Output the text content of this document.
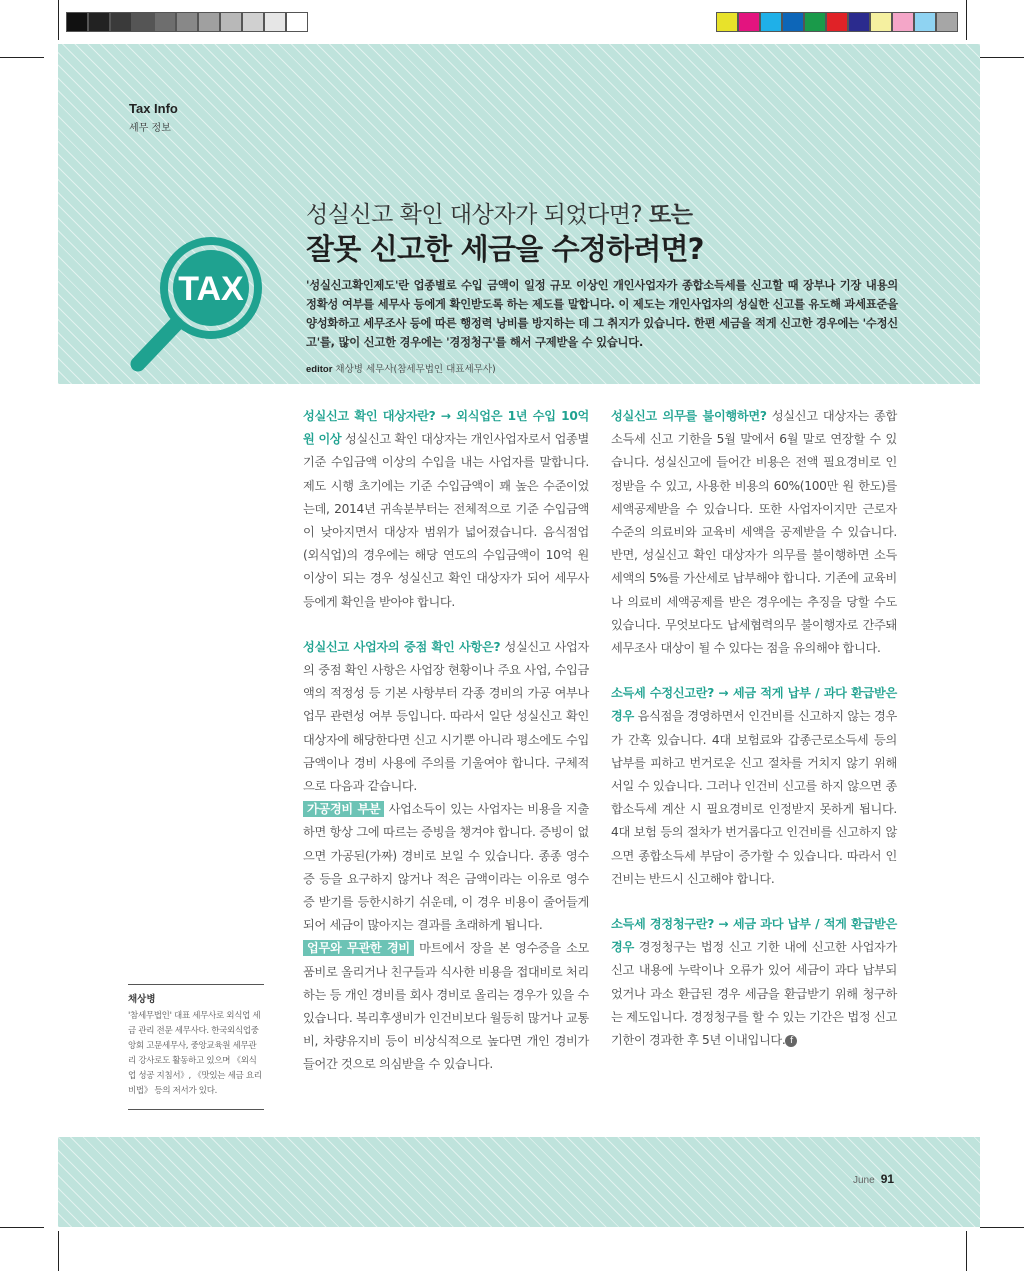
Tax Info
세무 정보
TAX
성실신고 확인 대상자가 되었다면? 또는
잘못 신고한 세금을 수정하려면?
'성실신고확인제도'란 업종별로 수입 금액이 일정 규모 이상인 개인사업자가 종합소득세를 신고할 때 장부나 기장 내용의 정확성 여부를 세무사 등에게 확인받도록 하는 제도를 말합니다. 이 제도는 개인사업자의 성실한 신고를 유도해 과세표준을 양성화하고 세무조사 등에 따른 행정력 낭비를 방지하는 데 그 취지가 있습니다. 한편 세금을 적게 신고한 경우에는 '수정신고'를, 많이 신고한 경우에는 '경정청구'를 해서 구제받을 수 있습니다.
editor 채상병 세무사(참세무법인 대표세무사)

성실신고 확인 대상자란? → 외식업은 1년 수입 10억 원 이상 성실신고 확인 대상자는 개인사업자로서 업종별 기준 수입금액 이상의 수입을 내는 사업자를 말합니다. 제도 시행 초기에는 기준 수입금액이 꽤 높은 수준이었는데, 2014년 귀속분부터는 전체적으로 기준 수입금액이 낮아지면서 대상자 범위가 넓어졌습니다. 음식점업(외식업)의 경우에는 해당 연도의 수입금액이 10억 원 이상이 되는 경우 성실신고 확인 대상자가 되어 세무사 등에게 확인을 받아야 합니다.

성실신고 사업자의 중점 확인 사항은? 성실신고 사업자의 중점 확인 사항은 사업장 현황이나 주요 사업, 수입금액의 적정성 등 기본 사항부터 각종 경비의 가공 여부나 업무 관련성 여부 등입니다. 따라서 일단 성실신고 확인 대상자에 해당한다면 신고 시기뿐 아니라 평소에도 수입금액이나 경비 사용에 주의를 기울여야 합니다. 구체적으로 다음과 같습니다.

가공경비 부분 사업소득이 있는 사업자는 비용을 지출하면 항상 그에 따르는 증빙을 챙겨야 합니다. 증빙이 없으면 가공된(가짜) 경비로 보일 수 있습니다. 종종 영수증 등을 요구하지 않거나 적은 금액이라는 이유로 영수증 받기를 등한시하기 쉬운데, 이 경우 비용이 줄어들게 되어 세금이 많아지는 결과를 초래하게 됩니다.

업무와 무관한 경비 마트에서 장을 본 영수증을 소모품비로 올리거나 친구들과 식사한 비용을 접대비로 처리하는 등 개인 경비를 회사 경비로 올리는 경우가 있을 수 있습니다. 복리후생비가 인건비보다 월등히 많거나 교통비, 차량유지비 등이 비상식적으로 높다면 개인 경비가 들어간 것으로 의심받을 수 있습니다.

성실신고 의무를 불이행하면? 성실신고 대상자는 종합소득세 신고 기한을 5월 말에서 6월 말로 연장할 수 있습니다. 성실신고에 들어간 비용은 전액 필요경비로 인정받을 수 있고, 사용한 비용의 60%(100만 원 한도)를 세액공제받을 수 있습니다. 또한 사업자이지만 근로자 수준의 의료비와 교육비 세액을 공제받을 수 있습니다. 반면, 성실신고 확인 대상자가 의무를 불이행하면 소득세액의 5%를 가산세로 납부해야 합니다. 기존에 교육비나 의료비 세액공제를 받은 경우에는 추징을 당할 수도 있습니다. 무엇보다도 납세협력의무 불이행자로 간주돼 세무조사 대상이 될 수 있다는 점을 유의해야 합니다.

소득세 수정신고란? → 세금 적게 납부 / 과다 환급받은 경우 음식점을 경영하면서 인건비를 신고하지 않는 경우가 간혹 있습니다. 4대 보험료와 갑종근로소득세 등의 납부를 피하고 번거로운 신고 절차를 거치지 않기 위해서일 수 있습니다. 그러나 인건비 신고를 하지 않으면 종합소득세 계산 시 필요경비로 인정받지 못하게 됩니다. 4대 보험 등의 절차가 번거롭다고 인건비를 신고하지 않으면 종합소득세 부담이 증가할 수 있습니다. 따라서 인건비는 반드시 신고해야 합니다.

소득세 경정청구란? → 세금 과다 납부 / 적게 환급받은 경우 경정청구는 법정 신고 기한 내에 신고한 사업자가 신고 내용에 누락이나 오류가 있어 세금이 과다 납부되었거나 과소 환급된 경우 세금을 환급받기 위해 청구하는 제도입니다. 경정청구를 할 수 있는 기간은 법정 신고 기한이 경과한 후 5년 이내입니다. f

채상병
'참세무법인' 대표 세무사로 외식업 세금 관리 전문 세무사다. 한국외식업중앙회 고문세무사, 중앙교육원 세무관리 강사로도 활동하고 있으며 《외식업 성공 지침서》, 《맛있는 세금 요리비법》 등의 저서가 있다.
June 91
